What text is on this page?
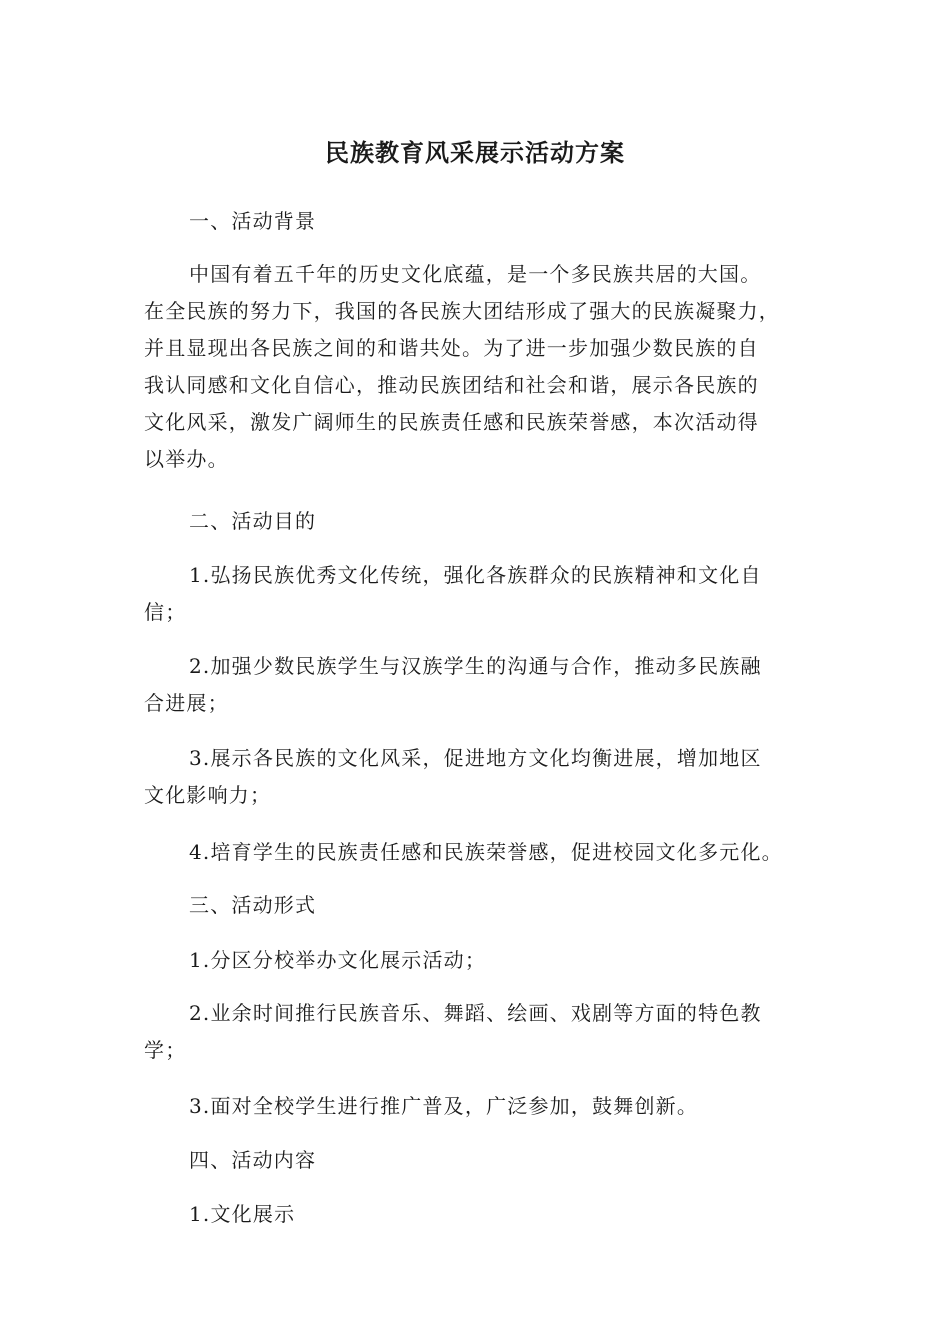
民族教育风采展示活动方案

一、活动背景

中国有着五千年的历史文化底蕴，是一个多民族共居的大国。
在全民族的努力下，我国的各民族大团结形成了强大的民族凝聚力，
并且显现出各民族之间的和谐共处。为了进一步加强少数民族的自
我认同感和文化自信心，推动民族团结和社会和谐，展示各民族的
文化风采，激发广阔师生的民族责任感和民族荣誉感，本次活动得
以举办。

二、活动目的

1.弘扬民族优秀文化传统，强化各族群众的民族精神和文化自
信；

2.加强少数民族学生与汉族学生的沟通与合作，推动多民族融
合进展；

3.展示各民族的文化风采，促进地方文化均衡进展，增加地区
文化影响力；

4.培育学生的民族责任感和民族荣誉感，促进校园文化多元化。

三、活动形式

1.分区分校举办文化展示活动；

2.业余时间推行民族音乐、舞蹈、绘画、戏剧等方面的特色教
学；

3.面对全校学生进行推广普及，广泛参加，鼓舞创新。

四、活动内容

1.文化展示
